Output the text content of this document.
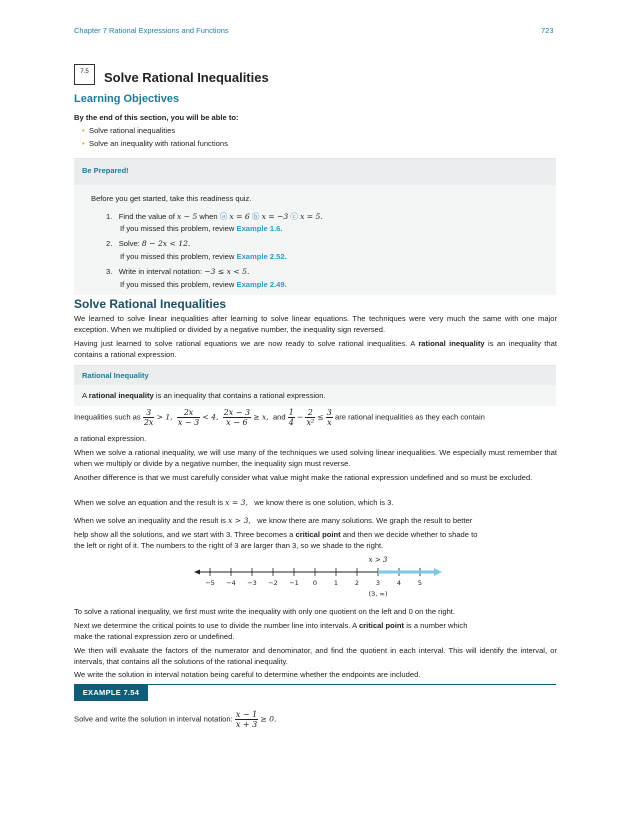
Chapter 7 Rational Expressions and Functions	723
7.5	Solve Rational Inequalities
Learning Objectives
By the end of this section, you will be able to:
• Solve rational inequalities
• Solve an inequality with rational functions
Be Prepared!
Before you get started, take this readiness quiz.
1. Find the value of x − 5 when ⓐ x = 6 ⓑ x = −3 ⓒ x = 5.
If you missed this problem, review Example 1.6.
2. Solve: 8 − 2x < 12.
If you missed this problem, review Example 2.52.
3. Write in interval notation: −3 ≤ x < 5.
If you missed this problem, review Example 2.49.
Solve Rational Inequalities
We learned to solve linear inequalities after learning to solve linear equations. The techniques were very much the same with one major exception. When we multiplied or divided by a negative number, the inequality sign reversed.
Having just learned to solve rational equations we are now ready to solve rational inequalities. A rational inequality is an inequality that contains a rational expression.
Rational Inequality
A rational inequality is an inequality that contains a rational expression.
Inequalities such as $\frac{3}{2x} > 1$, $\frac{2x}{x - 3} < 4$, $\frac{2x - 3}{x - 6} \ge x$, and $\frac{1}{4} - \frac{2}{\text{x²}} \le \frac{3}{x}$ are rational inequalities as they each contain
a rational expression.
When we solve a rational inequality, we will use many of the techniques we used solving linear inequalities. We especially must remember that when we multiply or divide by a negative number, the inequality sign must reverse.
Another difference is that we must carefully consider what value might make the rational expression undefined and so must be excluded.
When we solve an equation and the result is x = 3, we know there is one solution, which is 3.
When we solve an inequality and the result is x > 3, we know there are many solutions. We graph the result to better
help show all the solutions, and we start with 3. Three becomes a critical point and then we decide whether to shade to
the left or right of it. The numbers to the right of 3 are larger than 3, so we shade to the right.
x > 3
−5 −4 −3 −2 −1 0	1	2	3	4	5
(3, ∞)
To solve a rational inequality, we first must write the inequality with only one quotient on the left and 0 on the right.
Next we determine the critical points to use to divide the number line into intervals. A critical point is a number which
make the rational expression zero or undefined.
We then will evaluate the factors of the numerator and denominator, and find the quotient in each interval. This will identify the interval, or intervals, that contains all the solutions of the rational inequality.
We write the solution in interval notation being careful to determine whether the endpoints are included.
EXAMPLE 7.54
Solve and write the solution in interval notation: $\frac{x - 1}{x + 3} \ge 0$.
